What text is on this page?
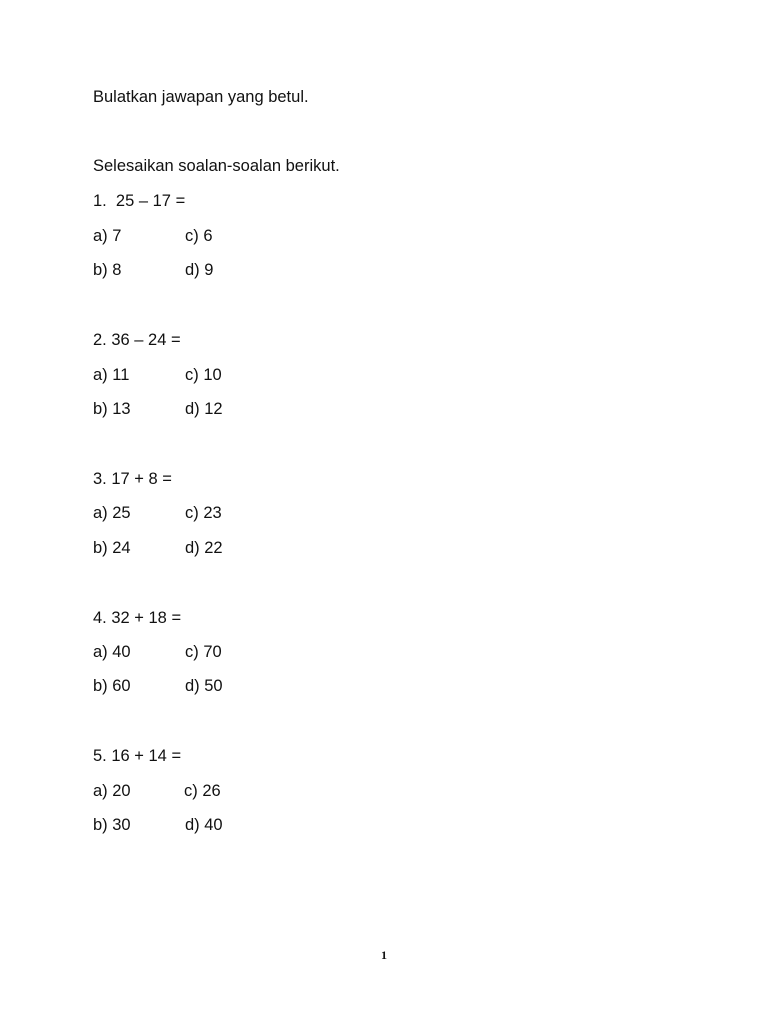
Bulatkan jawapan yang betul.
Selesaikan soalan-soalan berikut.
1.  25 – 17 =
a) 7	c) 6
b) 8	d) 9
2. 36 – 24 =
a) 11	c) 10
b) 13	d) 12
3. 17 + 8 =
a) 25	c) 23
b) 24	d) 22
4. 32 + 18 =
a) 40	c) 70
b) 60	d) 50
5. 16 + 14 =
a) 20	c) 26
b) 30	d) 40
1
